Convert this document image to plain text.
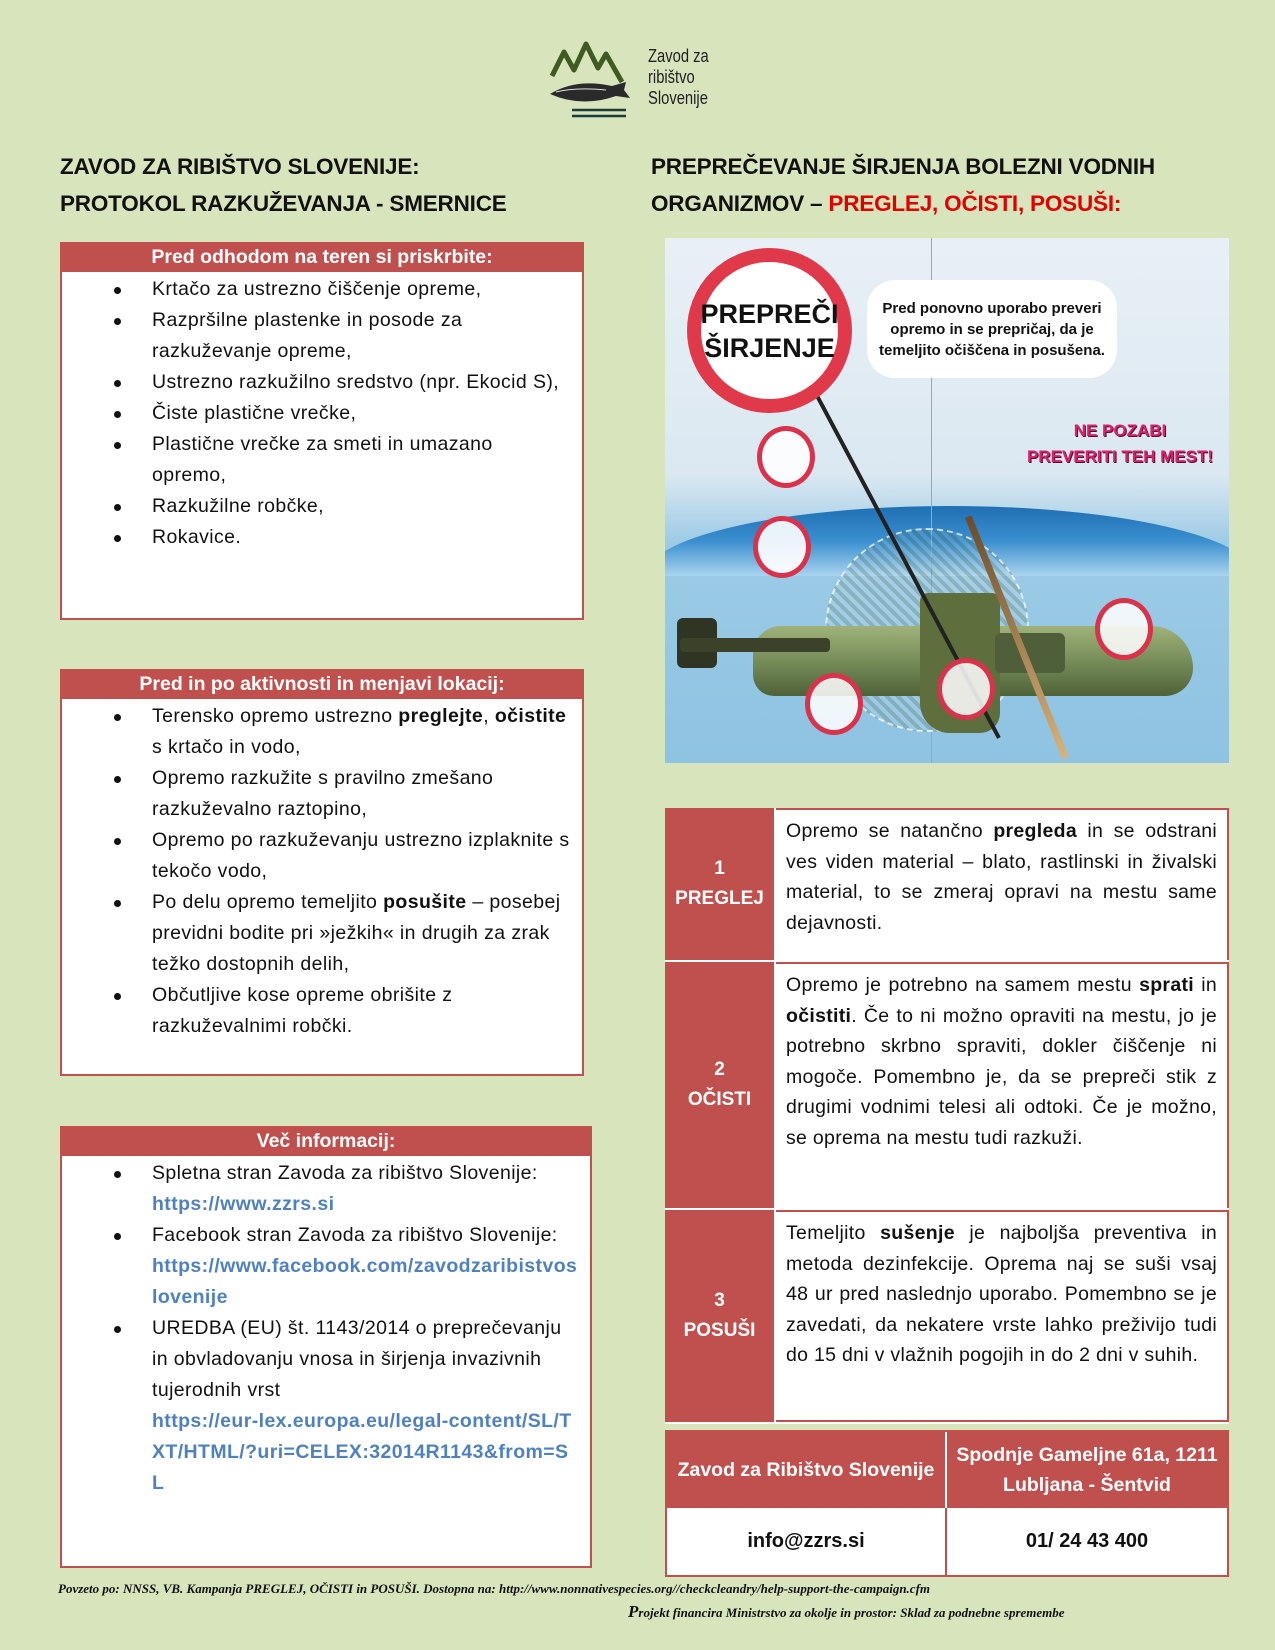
Zavod za
ribištvo
Slovenije
ZAVOD ZA RIBIŠTVO SLOVENIJE:
PROTOKOL RAZKUŽEVANJA - SMERNICE
PREPREČEVANJE ŠIRJENJA BOLEZNI VODNIH
ORGANIZMOV – PREGLEJ, OČISTI, POSUŠI:
Pred odhodom na teren si priskrbite:
Krtačo za ustrezno čiščenje opreme,
Razpršilne plastenke in posode za razkuževanje opreme,
Ustrezno razkužilno sredstvo (npr. Ekocid S),
Čiste plastične vrečke,
Plastične vrečke za smeti in umazano opremo,
Razkužilne robčke,
Rokavice.
Pred in po aktivnosti in menjavi lokacij:
Terensko opremo ustrezno preglejte, očistite s krtačo in vodo,
Opremo razkužite s pravilno zmešano razkuževalno raztopino,
Opremo po razkuževanju ustrezno izplaknite s tekočo vodo,
Po delu opremo temeljito posušite – posebej previdni bodite pri »ježkih« in drugih za zrak težko dostopnih delih,
Občutljive kose opreme obrišite z razkuževalnimi robčki.
Več informacij:
Spletna stran Zavoda za ribištvo Slovenije:
https://www.zzrs.si
Facebook stran Zavoda za ribištvo Slovenije:
https://www.facebook.com/zavodzaribistvoslovenije
UREDBA (EU) št. 1143/2014 o preprečevanju in obvladovanju vnosa in širjenja invazivnih tujerodnih vrst
https://eur-lex.europa.eu/legal-content/SL/TXT/HTML/?uri=CELEX:32014R1143&from=SL
PREPREČI
ŠIRJENJE
Pred ponovno uporabo preveri opremo in se prepričaj, da je temeljito očiščena in posušena.
NE POZABI
PREVERITI TEH MEST!
1
PREGLEJ
Opremo se natančno pregleda in se odstrani ves viden material – blato, rastlinski in živalski material, to se zmeraj opravi na mestu same dejavnosti.
2
OČISTI
Opremo je potrebno na samem mestu sprati in očistiti. Če to ni možno opraviti na mestu, jo je potrebno skrbno spraviti, dokler čiščenje ni mogoče. Pomembno je, da se prepreči stik z drugimi vodnimi telesi ali odtoki. Če je možno, se oprema na mestu tudi razkuži.
3
POSUŠI
Temeljito sušenje je najboljša preventiva in metoda dezinfekcije. Oprema naj se suši vsaj 48 ur pred naslednjo uporabo. Pomembno se je zavedati, da nekatere vrste lahko preživijo tudi do 15 dni v vlažnih pogojih in do 2 dni v suhih.
Zavod za Ribištvo Slovenije
Spodnje Gameljne 61a, 1211 Lubljana - Šentvid
info@zzrs.si	01/ 24 43 400
Povzeto po: NNSS, VB. Kampanja PREGLEJ, OČISTI in POSUŠI. Dostopna na: http://www.nonnativespecies.org//checkcleandry/help-support-the-campaign.cfm
Projekt financira Ministrstvo za okolje in prostor: Sklad za podnebne spremembe
